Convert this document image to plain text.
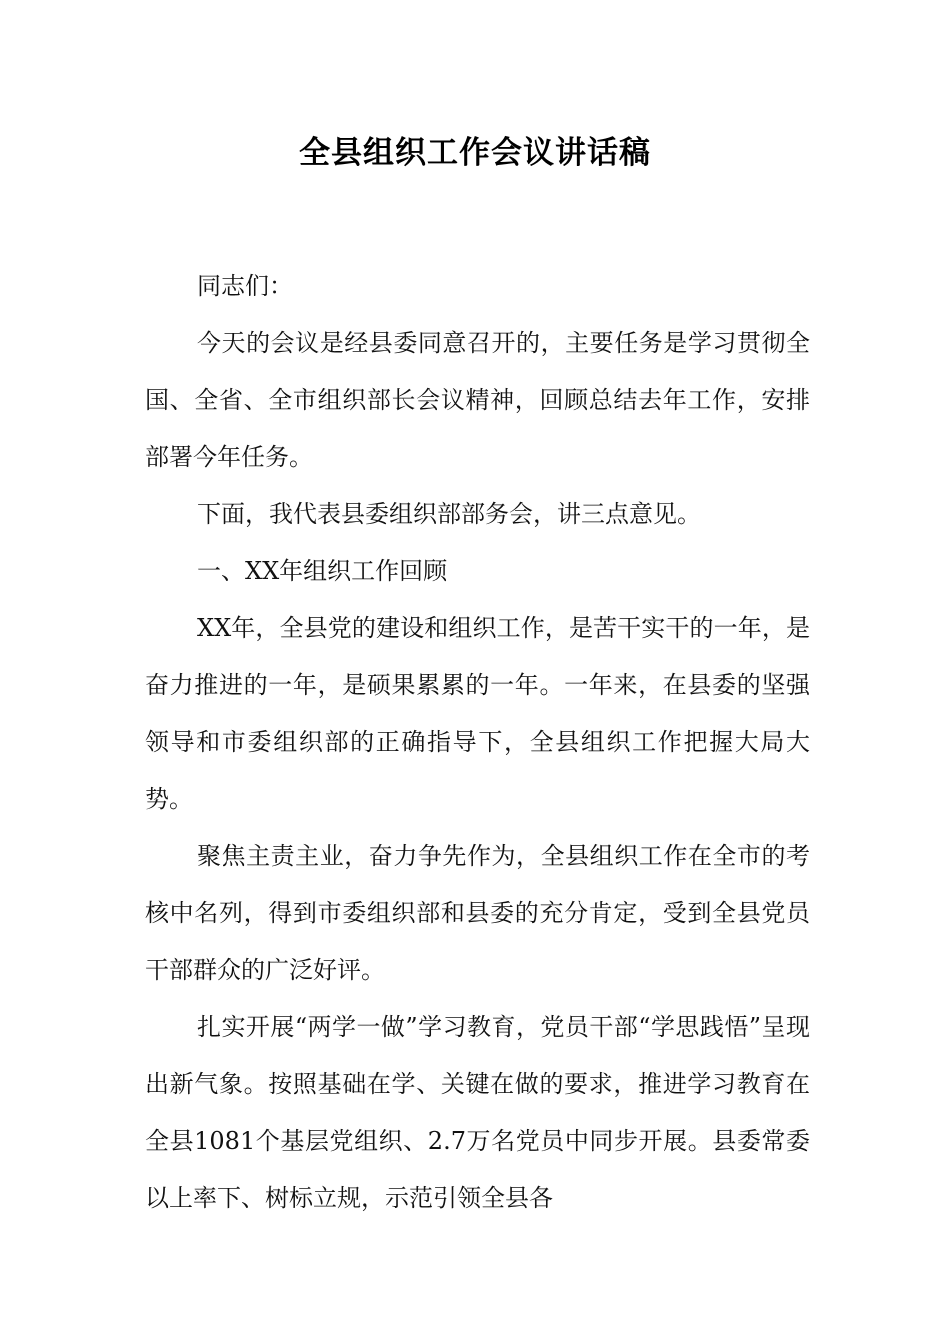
全县组织工作会议讲话稿

同志们：

今天的会议是经县委同意召开的，主要任务是学习贯彻全国、全省、全市组织部长会议精神，回顾总结去年工作，安排部署今年任务。

下面，我代表县委组织部部务会，讲三点意见。

一、XX年组织工作回顾

XX年，全县党的建设和组织工作，是苦干实干的一年，是奋力推进的一年，是硕果累累的一年。一年来，在县委的坚强领导和市委组织部的正确指导下，全县组织工作把握大局大势。

聚焦主责主业，奋力争先作为，全县组织工作在全市的考核中名列，得到市委组织部和县委的充分肯定，受到全县党员干部群众的广泛好评。

扎实开展“两学一做”学习教育，党员干部“学思践悟”呈现出新气象。按照基础在学、关键在做的要求，推进学习教育在全县1081个基层党组织、2.7万名党员中同步开展。县委常委以上率下、树标立规，示范引领全县各
